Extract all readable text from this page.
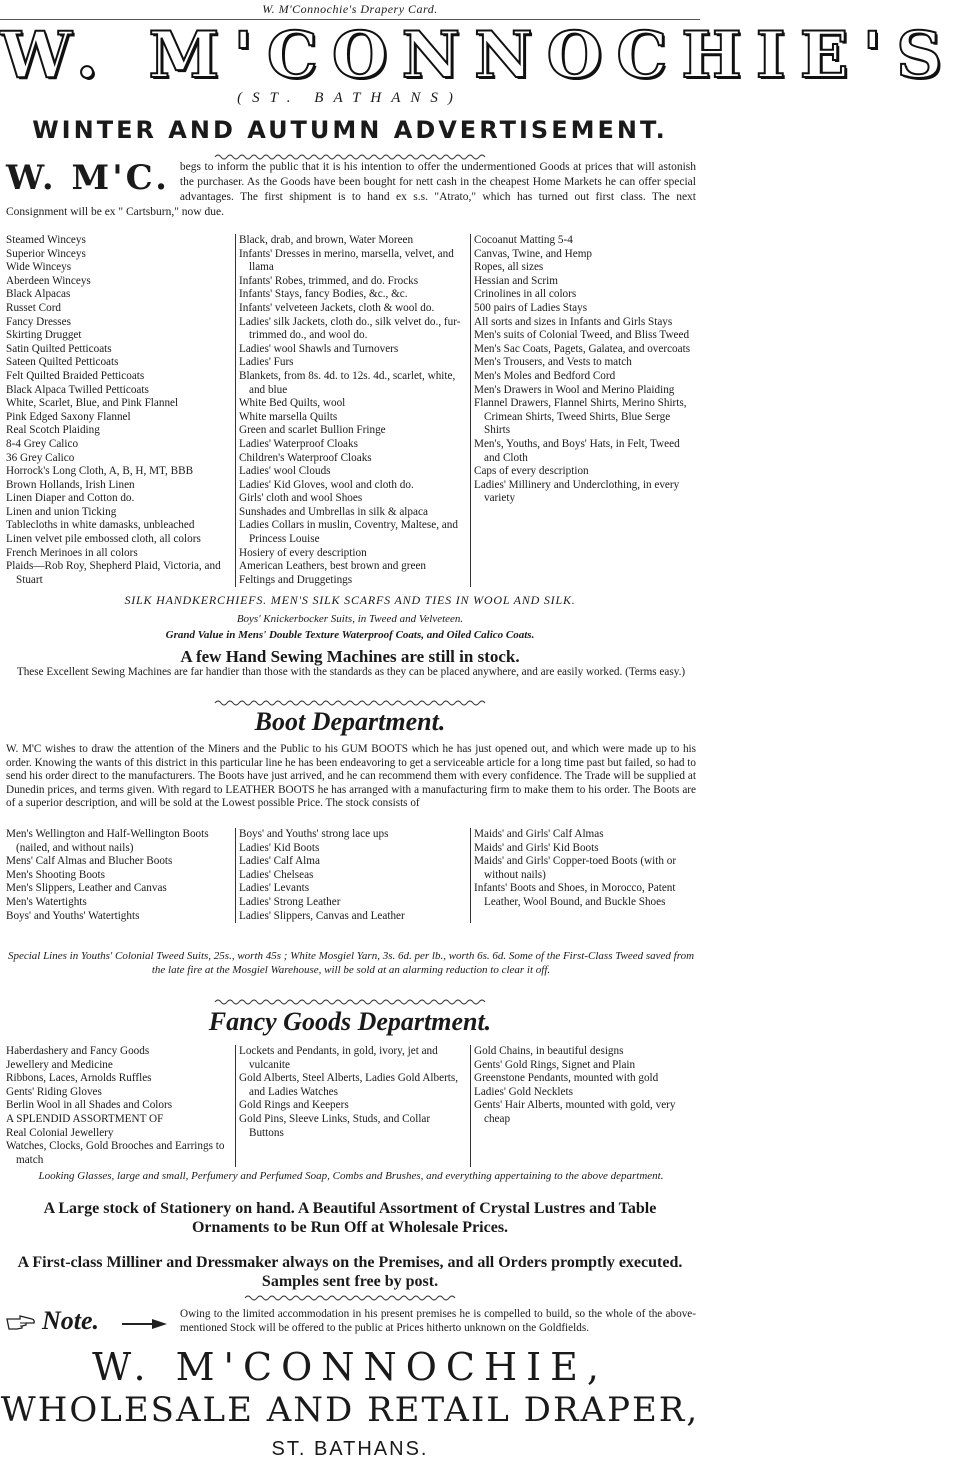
W. M'Connochie's Drapery Card.
W. M'CONNOCHIE'S
(ST. BATHANS)
WINTER AND AUTUMN ADVERTISEMENT.
W. M'C. begs to inform the public that it is his intention to offer the undermentioned Goods at prices that will astonish the purchaser. As the Goods have been bought for nett cash in the cheapest Home Markets he can offer special advantages. The first shipment is to hand ex s.s. "Atrato," which has turned out first class. The next Consignment will be ex " Cartsburn," now due.

Steamed Winceys
Superior Winceys
Wide Winceys
Aberdeen Winceys
Black Alpacas
Russet Cord
Fancy Dresses
Skirting Drugget
Satin Quilted Petticoats
Sateen Quilted Petticoats
Felt Quilted Braided Petticoats
Black Alpaca Twilled Petticoats
White, Scarlet, Blue, and Pink Flannel
Pink Edged Saxony Flannel
Real Scotch Plaiding
8-4 Grey Calico
36 Grey Calico
Horrock's Long Cloth, A, B, H, MT, BBB
Brown Hollands, Irish Linen
Linen Diaper and Cotton do.
Linen and union Ticking
Tablecloths in white damasks, unbleached
Linen velvet pile embossed cloth, all colors
French Merinoes in all colors
Plaids—Rob Roy, Shepherd Plaid, Victoria, and Stuart
Black, drab, and brown, Water Moreen
Infants' Dresses in merino, marsella, velvet, and llama
Infants' Robes, trimmed, and do. Frocks
Infants' Stays, fancy Bodies, &c., &c.
Infants' velveteen Jackets, cloth & wool do.
Ladies' silk Jackets, cloth do., silk velvet do., fur-trimmed do., and wool do.
Ladies' wool Shawls and Turnovers
Ladies' Furs
Blankets, from 8s. 4d. to 12s. 4d., scarlet, white, and blue
White Bed Quilts, wool
White marsella Quilts
Green and scarlet Bullion Fringe
Ladies' Waterproof Cloaks
Children's Waterproof Cloaks
Ladies' wool Clouds
Ladies' Kid Gloves, wool and cloth do.
Girls' cloth and wool Shoes
Sunshades and Umbrellas in silk & alpaca
Ladies Collars in muslin, Coventry, Maltese, and Princess Louise
Hosiery of every description
American Leathers, best brown and green
Feltings and Druggetings
Cocoanut Matting 5-4
Canvas, Twine, and Hemp
Ropes, all sizes
Hessian and Scrim
Crinolines in all colors
500 pairs of Ladies Stays
All sorts and sizes in Infants and Girls Stays
Men's suits of Colonial Tweed, and Bliss Tweed
Men's Sac Coats, Pagets, Galatea, and overcoats
Men's Trousers, and Vests to match
Men's Moles and Bedford Cord
Men's Drawers in Wool and Merino Plaiding
Flannel Drawers, Flannel Shirts, Merino Shirts, Crimean Shirts, Tweed Shirts, Blue Serge Shirts
Men's, Youths, and Boys' Hats, in Felt, Tweed and Cloth
Caps of every description
Ladies' Millinery and Underclothing, in every variety
SILK HANDKERCHIEFS. MEN'S SILK SCARFS AND TIES IN WOOL AND SILK.
Boys' Knickerbocker Suits, in Tweed and Velveteen.
Grand Value in Mens' Double Texture Waterproof Coats, and Oiled Calico Coats.
A few Hand Sewing Machines are still in stock.
These Excellent Sewing Machines are far handier than those with the standards as they can be placed anywhere, and are easily worked. (Terms easy.)
Boot Department.
W. M'C wishes to draw the attention of the Miners and the Public to his GUM BOOTS which he has just opened out, and which were made up to his order. Knowing the wants of this district in this particular line he has been endeavoring to get a serviceable article for a long time past but failed, so had to send his order direct to the manufacturers. The Boots have just arrived, and he can recommend them with every confidence. The Trade will be supplied at Dunedin prices, and terms given. With regard to LEATHER BOOTS he has arranged with a manufacturing firm to make them to his order. The Boots are of a superior description, and will be sold at the Lowest possible Price. The stock consists of
Men's Wellington and Half-Wellington Boots (nailed, and without nails)
Mens' Calf Almas and Blucher Boots
Men's Shooting Boots
Men's Slippers, Leather and Canvas
Men's Watertights
Boys' and Youths' Watertights
Boys' and Youths' strong lace ups
Ladies' Kid Boots
Ladies' Calf Alma
Ladies' Chelseas
Ladies' Levants
Ladies' Strong Leather
Ladies' Slippers, Canvas and Leather
Maids' and Girls' Calf Almas
Maids' and Girls' Kid Boots
Maids' and Girls' Copper-toed Boots (with or without nails)
Infants' Boots and Shoes, in Morocco, Patent Leather, Wool Bound, and Buckle Shoes
Special Lines in Youths' Colonial Tweed Suits, 25s., worth 45s ; White Mosgiel Yarn, 3s. 6d. per lb., worth 6s. 6d. Some of the First-Class Tweed saved from the late fire at the Mosgiel Warehouse, will be sold at an alarming reduction to clear it off.
Fancy Goods Department.
Haberdashery and Fancy Goods
Jewellery and Medicine
Ribbons, Laces, Arnolds Ruffles
Gents' Riding Gloves
Berlin Wool in all Shades and Colors
A SPLENDID ASSORTMENT OF
Real Colonial Jewellery
Watches, Clocks, Gold Brooches and Earrings to match
Lockets and Pendants, in gold, ivory, jet and vulcanite
Gold Alberts, Steel Alberts, Ladies Gold Alberts, and Ladies Watches
Gold Rings and Keepers
Gold Pins, Sleeve Links, Studs, and Collar Buttons
Gold Chains, in beautiful designs
Gents' Gold Rings, Signet and Plain
Greenstone Pendants, mounted with gold
Ladies' Gold Necklets
Gents' Hair Alberts, mounted with gold, very cheap
Looking Glasses, large and small, Perfumery and Perfumed Soap, Combs and Brushes, and everything appertaining to the above department.
A Large stock of Stationery on hand. A Beautiful Assortment of Crystal Lustres and Table Ornaments to be Run Off at Wholesale Prices.
A First-class Milliner and Dressmaker always on the Premises, and all Orders promptly executed. Samples sent free by post.
Note.	Owing to the limited accommodation in his present premises he is compelled to build, so the whole of the above-mentioned Stock will be offered to the public at Prices hitherto unknown on the Goldfields.
W. M'CONNOCHIE,
WHOLESALE AND RETAIL DRAPER,
ST. BATHANS.
